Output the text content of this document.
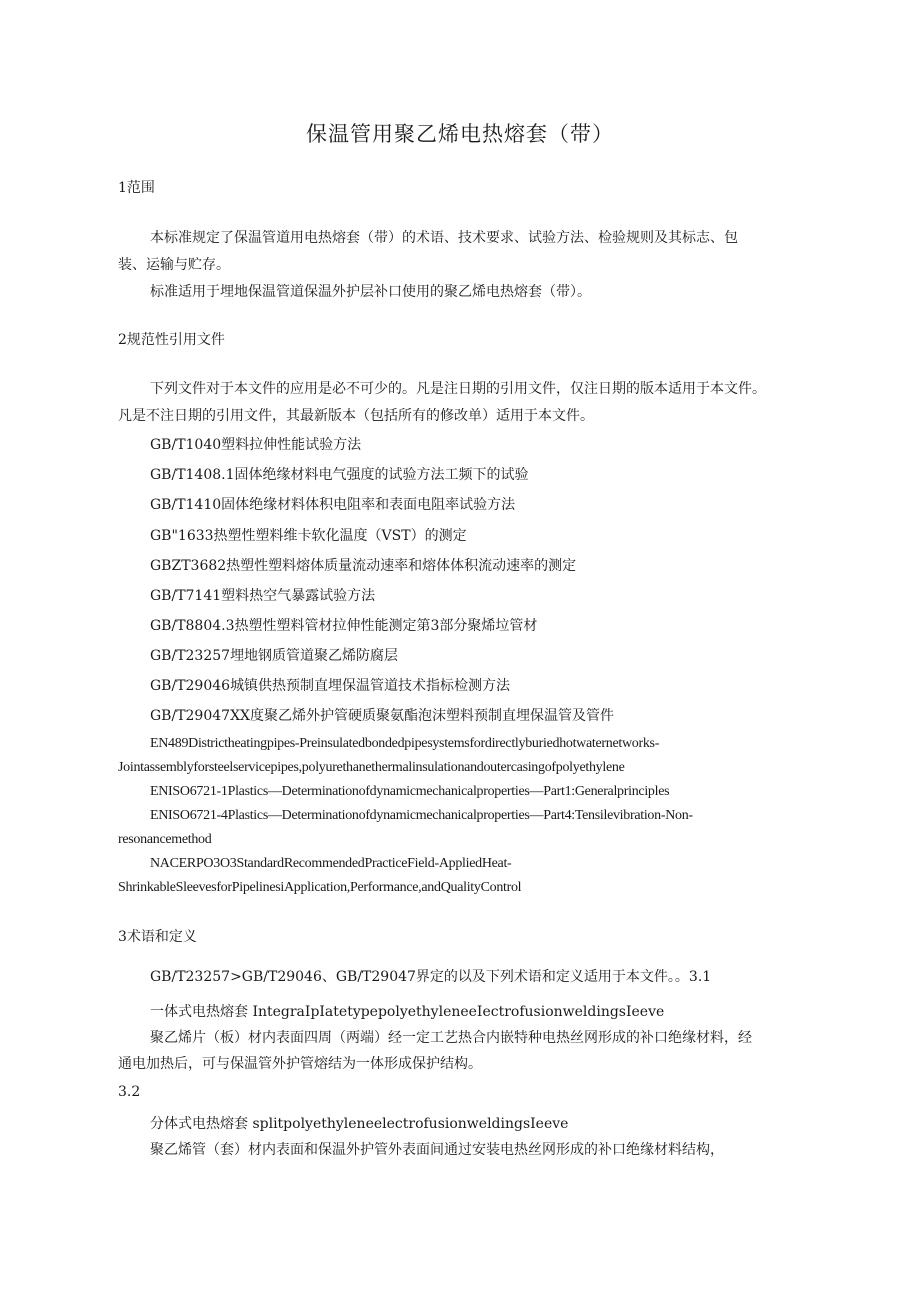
保温管用聚乙烯电热熔套（带）
1范围
本标准规定了保温管道用电热熔套（带）的术语、技术要求、试验方法、检验规则及其标志、包
装、运输与贮存。
标准适用于埋地保温管道保温外护层补口使用的聚乙烯电热熔套（带）。
2规范性引用文件
下列文件对于本文件的应用是必不可少的。凡是注日期的引用文件，仅注日期的版本适用于本文件。
凡是不注日期的引用文件，其最新版本（包括所有的修改单）适用于本文件。
GB/T1040塑料拉伸性能试验方法
GB/T1408.1固体绝缘材料电气强度的试验方法工频下的试验
GB/T1410固体绝缘材料体积电阻率和表面电阻率试验方法
GB"1633热塑性塑料维卡软化温度（VST）的测定
GBZT3682热塑性塑料熔体质量流动速率和熔体体积流动速率的测定
GB/T7141塑料热空气暴露试验方法
GB/T8804.3热塑性塑料管材拉伸性能测定第3部分聚烯垃管材
GB/T23257埋地钢质管道聚乙烯防腐层
GB/T29046城镇供热预制直埋保温管道技术指标检测方法
GB/T29047XX度聚乙烯外护管硬质聚氨酯泡沫塑料预制直埋保温管及管件
EN489Districtheatingpipes-Preinsulatedbondedpipesystemsfordirectlyburiedhotwaternetworks-
Jointassemblyforsteelservicepipes,polyurethanethermalinsulationandoutercasingofpolyethylene
ENISO6721-1Plastics—Determinationofdynamicmechanicalproperties—Part1:Generalprinciples
ENISO6721-4Plastics—Determinationofdynamicmechanicalproperties—Part4:Tensilevibration-Non-
resonancemethod
NACERPO3O3StandardRecommendedPracticeField-AppliedHeat-
ShrinkableSleevesforPipelinesiApplication,Performance,andQualityControl
3术语和定义
GB/T23257>GB/T29046、GB/T29047界定的以及下列术语和定义适用于本文件。。3.1
一体式电热熔套 IntegraIpIatetypepolyethyleneeIectrofusionweldingsIeeve
聚乙烯片（板）材内表面四周（两端）经一定工艺热合内嵌特种电热丝网形成的补口绝缘材料，经
通电加热后，可与保温管外护管熔结为一体形成保护结构。
3.2
分体式电热熔套 splitpolyethyleneelectrofusionweldingsIeeve
聚乙烯管（套）材内表面和保温外护管外表面间通过安装电热丝网形成的补口绝缘材料结构，
